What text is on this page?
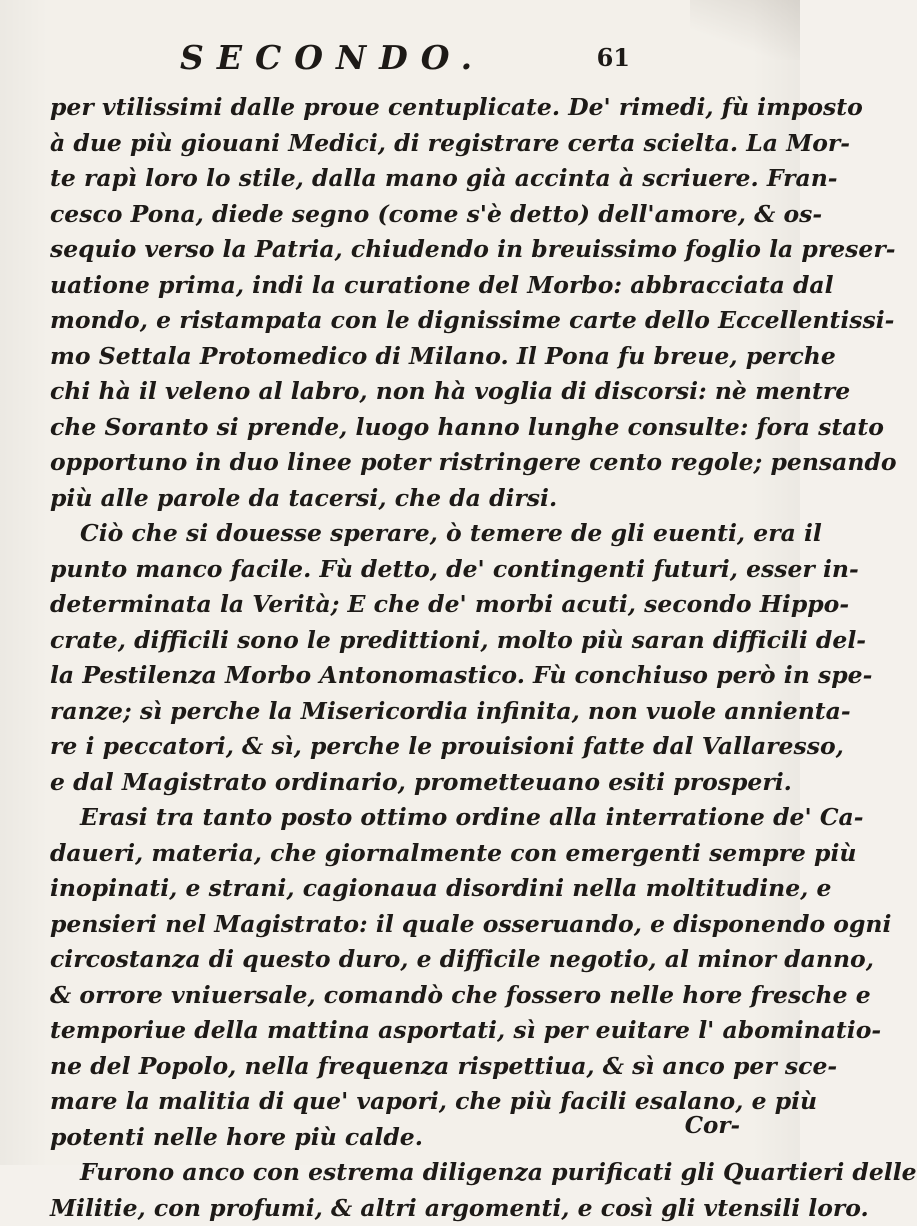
SECONDO.	61
per vtilissimi dalle proue centuplicate. De' rimedi, fù imposto
à due più giouani Medici, di registrare certa scielta. La Mor-
te rapì loro lo stile, dalla mano già accinta à scriuere. Fran-
cesco Pona, diede segno (come s'è detto) dell'amore, & os-
sequio verso la Patria, chiudendo in breuissimo foglio la preser-
uatione prima, indi la curatione del Morbo: abbracciata dal
mondo, e ristampata con le dignissime carte dello Eccellentissi-
mo Settala Protomedico di Milano. Il Pona fu breue, perche
chi hà il veleno al labro, non hà voglia di discorsi: nè mentre
che Soranto si prende, luogo hanno lunghe consulte: fora stato
opportuno in duo linee poter ristringere cento regole; pensando
più alle parole da tacersi, che da dirsi.
Ciò che si douesse sperare, ò temere de gli euenti, era il
punto manco facile. Fù detto, de' contingenti futuri, esser in-
determinata la Verità; E che de' morbi acuti, secondo Hippo-
crate, difficili sono le predittioni, molto più saran difficili del-
la Pestilenza Morbo Antonomastico. Fù conchiuso però in spe-
ranze; sì perche la Misericordia infinita, non vuole annienta-
re i peccatori, & sì, perche le prouisioni fatte dal Vallaresso,
e dal Magistrato ordinario, prometteuano esiti prosperi.
Erasi tra tanto posto ottimo ordine alla interratione de' Ca-
daueri, materia, che giornalmente con emergenti sempre più
inopinati, e strani, cagionaua disordini nella moltitudine, e
pensieri nel Magistrato: il quale osseruando, e disponendo ogni
circostanza di questo duro, e difficile negotio, al minor danno,
& orrore vniuersale, comandò che fossero nelle hore fresche e
temporiue della mattina asportati, sì per euitare l' abominatio-
ne del Popolo, nella frequenza rispettiua, & sì anco per sce-
mare la malitia di que' vapori, che più facili esalano, e più
potenti nelle hore più calde.
Furono anco con estrema diligenza purificati gli Quartieri delle
Militie, con profumi, & altri argomenti, e così gli vtensili loro.
Cor-
